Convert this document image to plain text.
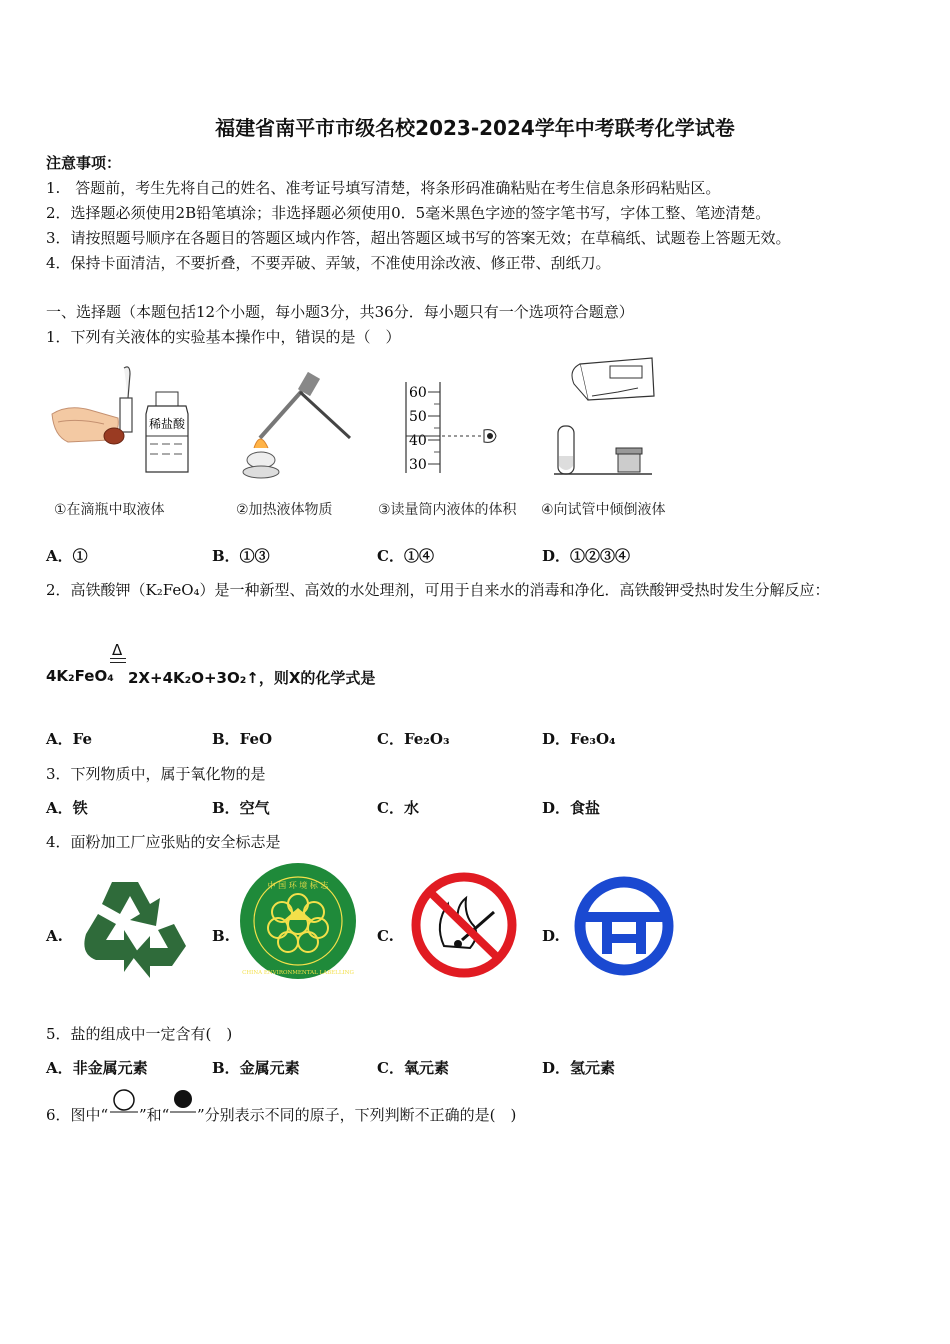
福建省南平市市级名校2023-2024学年中考联考化学试卷
注意事项：
1.　答题前，考生先将自己的姓名、准考证号填写清楚，将条形码准确粘贴在考生信息条形码粘贴区。
2．选择题必须使用2B铅笔填涂；非选择题必须使用0．5毫米黑色字迹的签字笔书写，字体工整、笔迹清楚。
3．请按照题号顺序在各题目的答题区域内作答，超出答题区域书写的答案无效；在草稿纸、试题卷上答题无效。
4．保持卡面清洁，不要折叠，不要弄破、弄皱，不准使用涂改液、修正带、刮纸刀。
一、选择题（本题包括12个小题，每小题3分，共36分．每小题只有一个选项符合题意）
1．下列有关液体的实验基本操作中，错误的是（　）
稀盐酸
60
50
40
30
①在滴瓶中取液体	②加热液体物质	③读量筒内液体的体积 ④向试管中倾倒液体
A．①	B．①③	C．①④	D．①②③④
2．高铁酸钾（K₂FeO₄）是一种新型、高效的水处理剂，可用于自来水的消毒和净化．高铁酸钾受热时发生分解反应：
Δ
4K₂FeO₄ 2X+4K₂O+3O₂↑，则X的化学式是
A．Fe	B．FeO	C．Fe₂O₃	D．Fe₃O₄
3．下列物质中，属于氧化物的是
A．铁	B．空气	C．水	D．食盐
4．面粉加工厂应张贴的安全标志是
A.	B.
中 国 环 境 标 志
CHINA ENVIRONMENTAL LABELLING
C.	D.
5．盐的组成中一定含有(　)
A．非金属元素	B．金属元素	C．氧元素	D．氢元素
6．图中“ ”和“ ”分别表示不同的原子，下列判断不正确的是(　)
